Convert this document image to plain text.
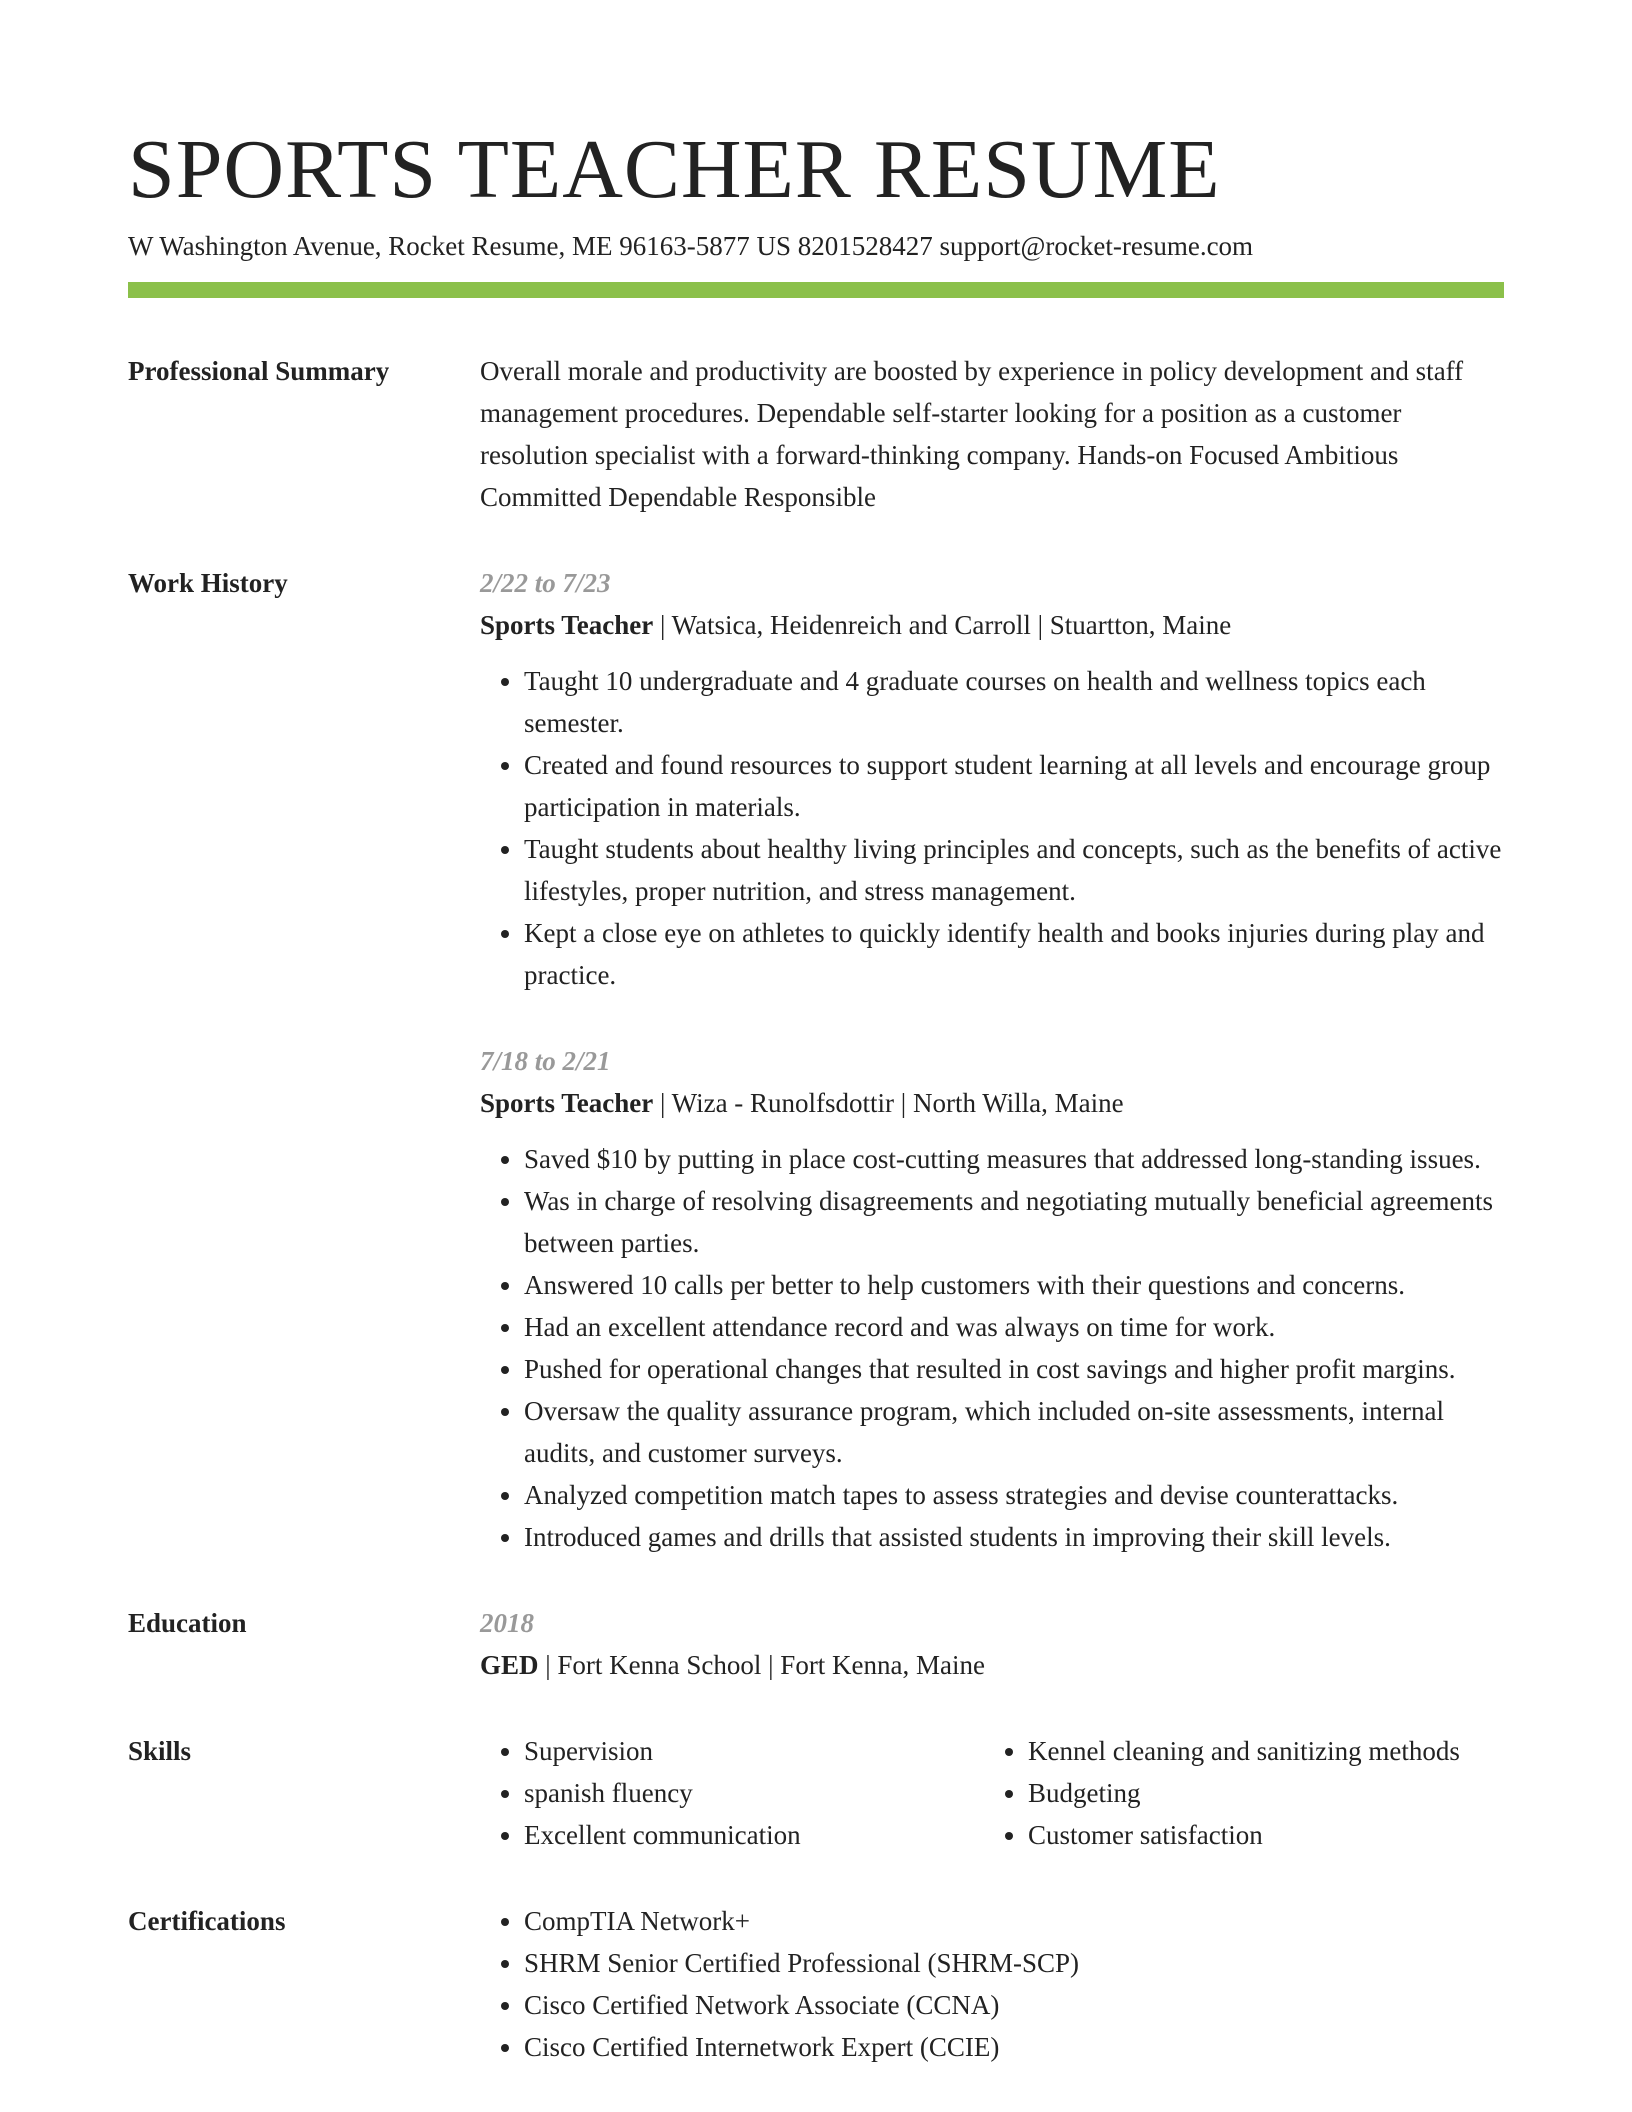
SPORTS TEACHER RESUME
W Washington Avenue, Rocket Resume, ME 96163-5877 US 8201528427 support@rocket-resume.com
Professional Summary	Overall morale and productivity are boosted by experience in policy development and staff management procedures. Dependable self-starter looking for a position as a customer resolution specialist with a forward-thinking company. Hands-on Focused Ambitious Committed Dependable Responsible
Work History	2/22 to 7/23
Sports Teacher | Watsica, Heidenreich and Carroll | Stuartton, Maine
• Taught 10 undergraduate and 4 graduate courses on health and wellness topics each semester.
• Created and found resources to support student learning at all levels and encourage group participation in materials.
• Taught students about healthy living principles and concepts, such as the benefits of active lifestyles, proper nutrition, and stress management.
• Kept a close eye on athletes to quickly identify health and books injuries during play and practice.
7/18 to 2/21
Sports Teacher | Wiza - Runolfsdottir | North Willa, Maine
• Saved $10 by putting in place cost-cutting measures that addressed long-standing issues.
• Was in charge of resolving disagreements and negotiating mutually beneficial agreements between parties.
• Answered 10 calls per better to help customers with their questions and concerns.
• Had an excellent attendance record and was always on time for work.
• Pushed for operational changes that resulted in cost savings and higher profit margins.
• Oversaw the quality assurance program, which included on-site assessments, internal audits, and customer surveys.
• Analyzed competition match tapes to assess strategies and devise counterattacks.
• Introduced games and drills that assisted students in improving their skill levels.
Education	2018
GED | Fort Kenna School | Fort Kenna, Maine
Skills	• Supervision
• spanish fluency
• Excellent communication
• Kennel cleaning and sanitizing methods
• Budgeting
• Customer satisfaction
Certifications	• CompTIA Network+
• SHRM Senior Certified Professional (SHRM-SCP)
• Cisco Certified Network Associate (CCNA)
• Cisco Certified Internetwork Expert (CCIE)
